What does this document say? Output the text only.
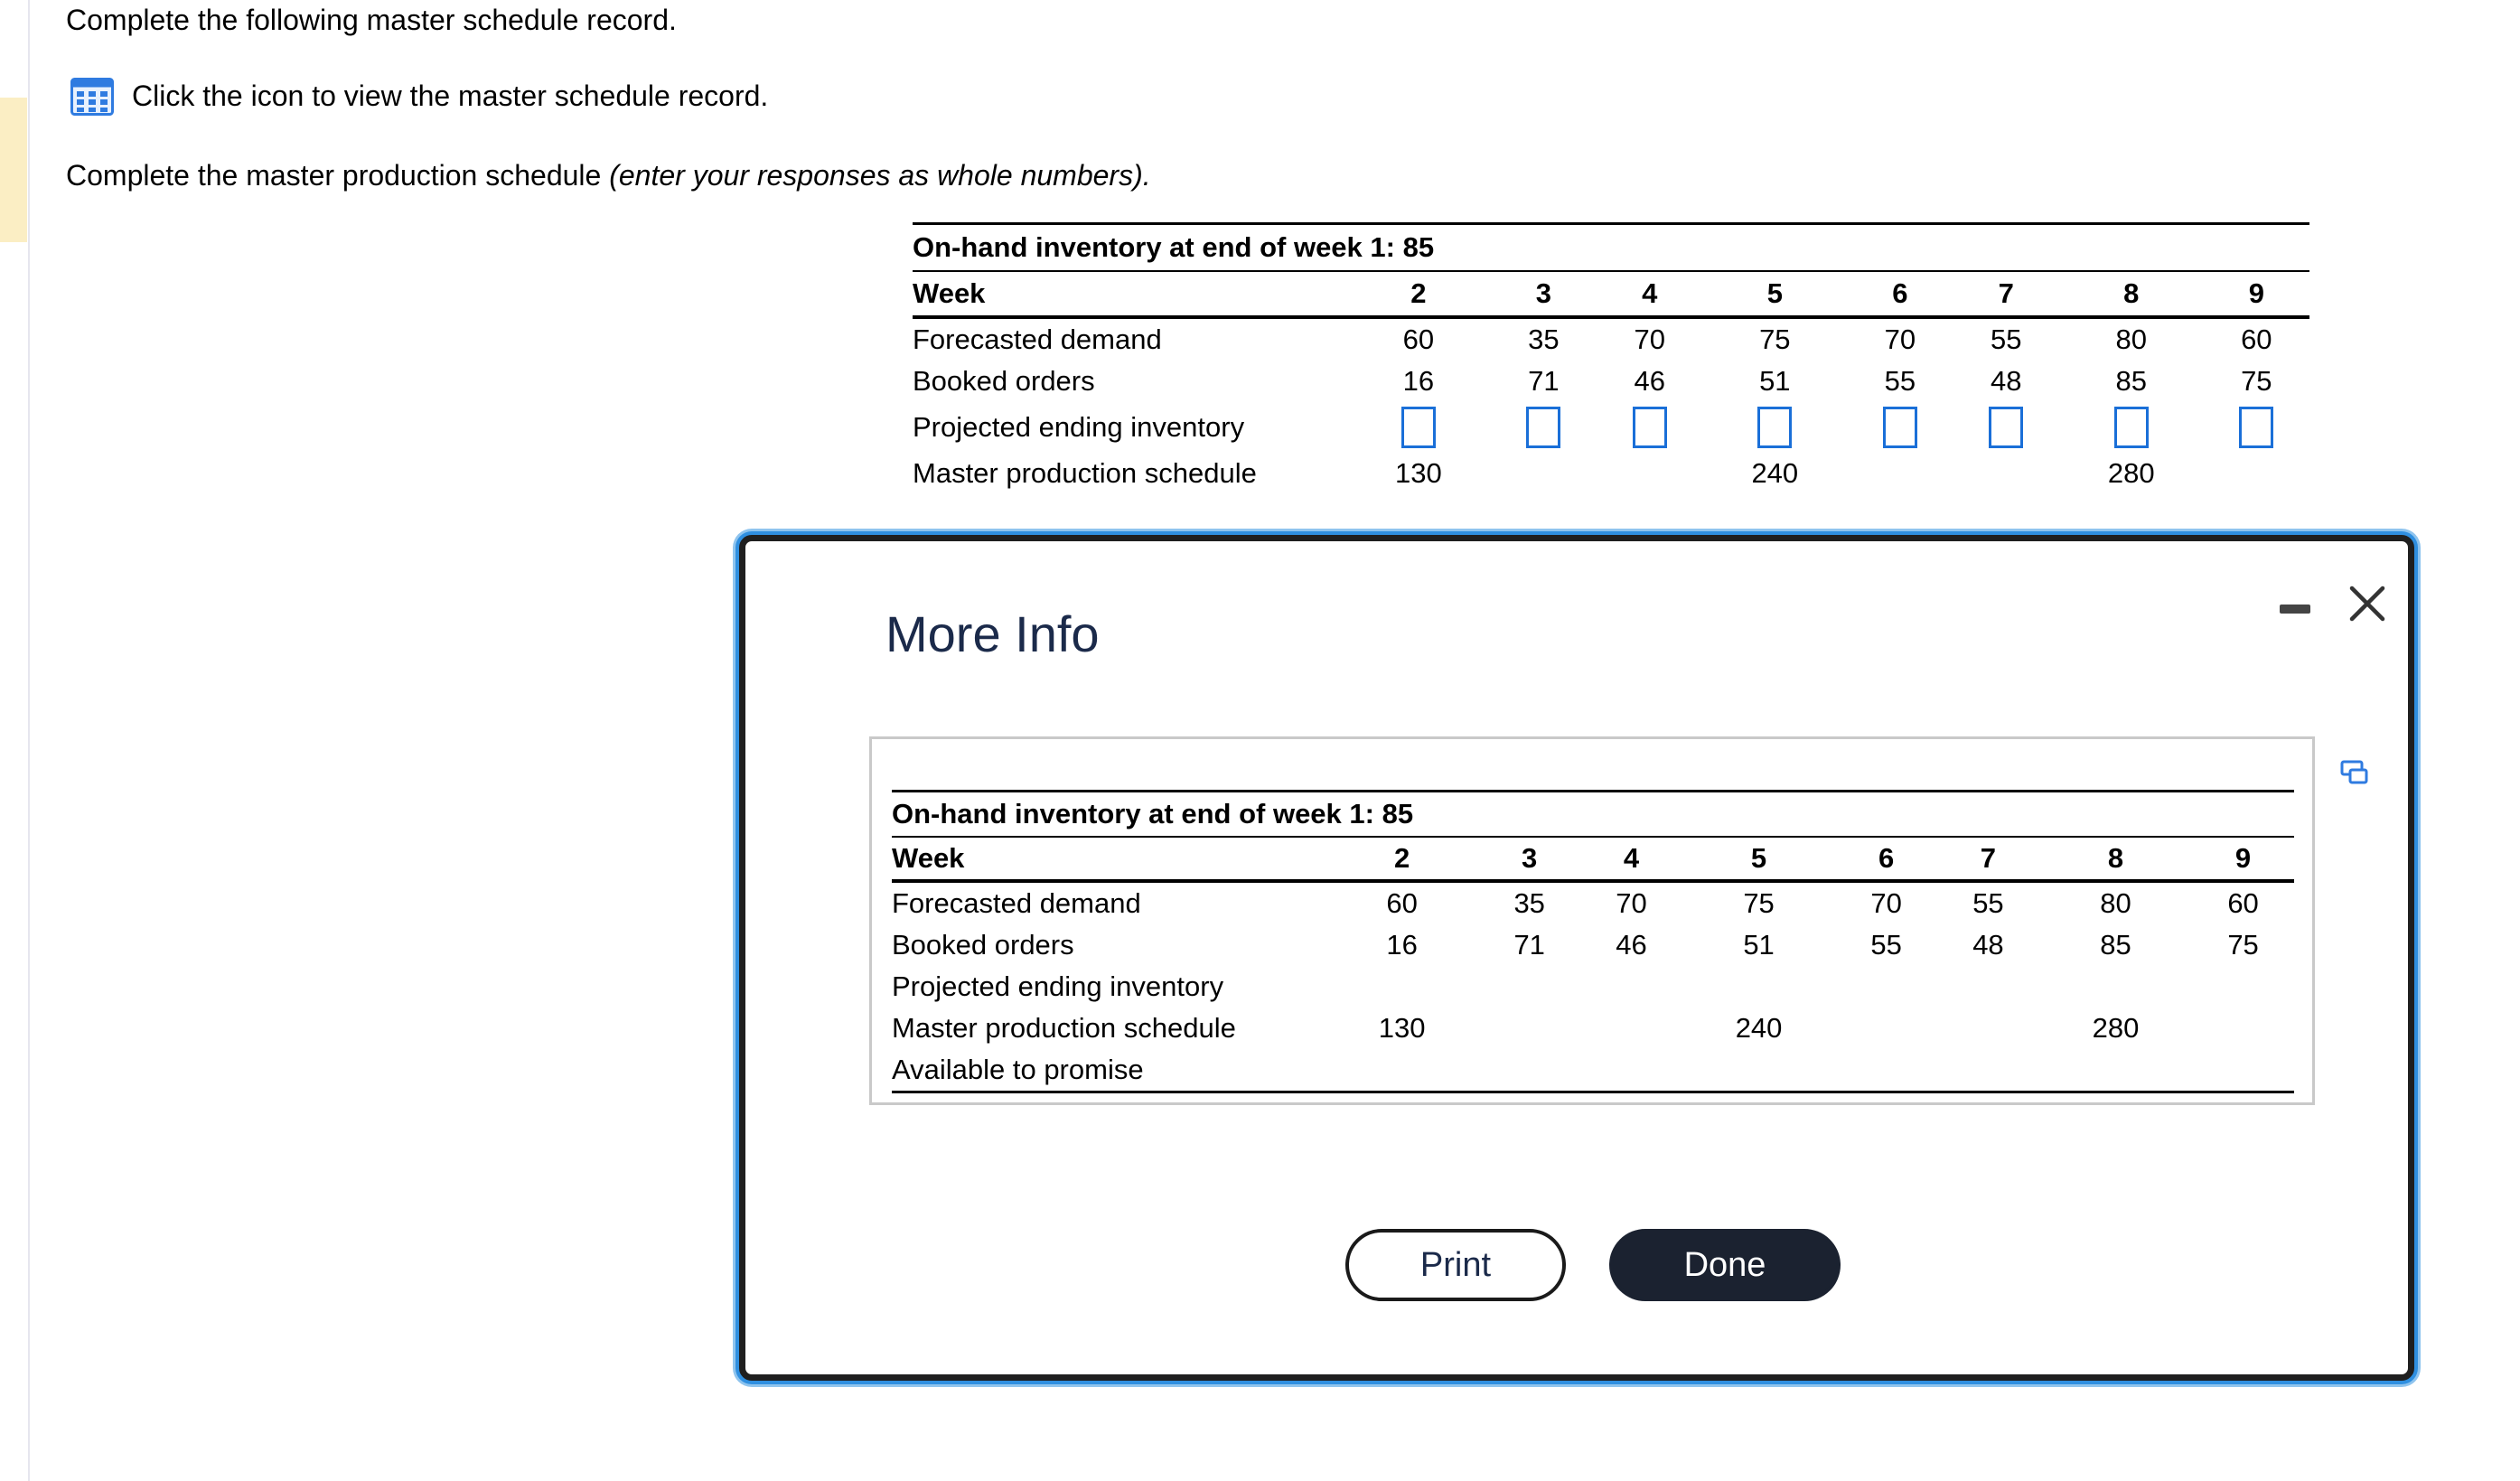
Complete the following master schedule record.
Click the icon to view the master schedule record.
Complete the master production schedule (enter your responses as whole numbers).
On-hand inventory at end of week 1: 85								
Week	2	3	4	5	6	7	8	9
Forecasted demand	60	35	70	75	70	55	80	60
Booked orders	16	71	46	51	55	48	85	75
Projected ending inventory								
Master production schedule	130			240			280	
More Info
On-hand inventory at end of week 1: 85								
Week	2	3	4	5	6	7	8	9
Forecasted demand	60	35	70	75	70	55	80	60
Booked orders	16	71	46	51	55	48	85	75
Projected ending inventory								
Master production schedule	130			240			280	
Available to promise								
Print	Done
